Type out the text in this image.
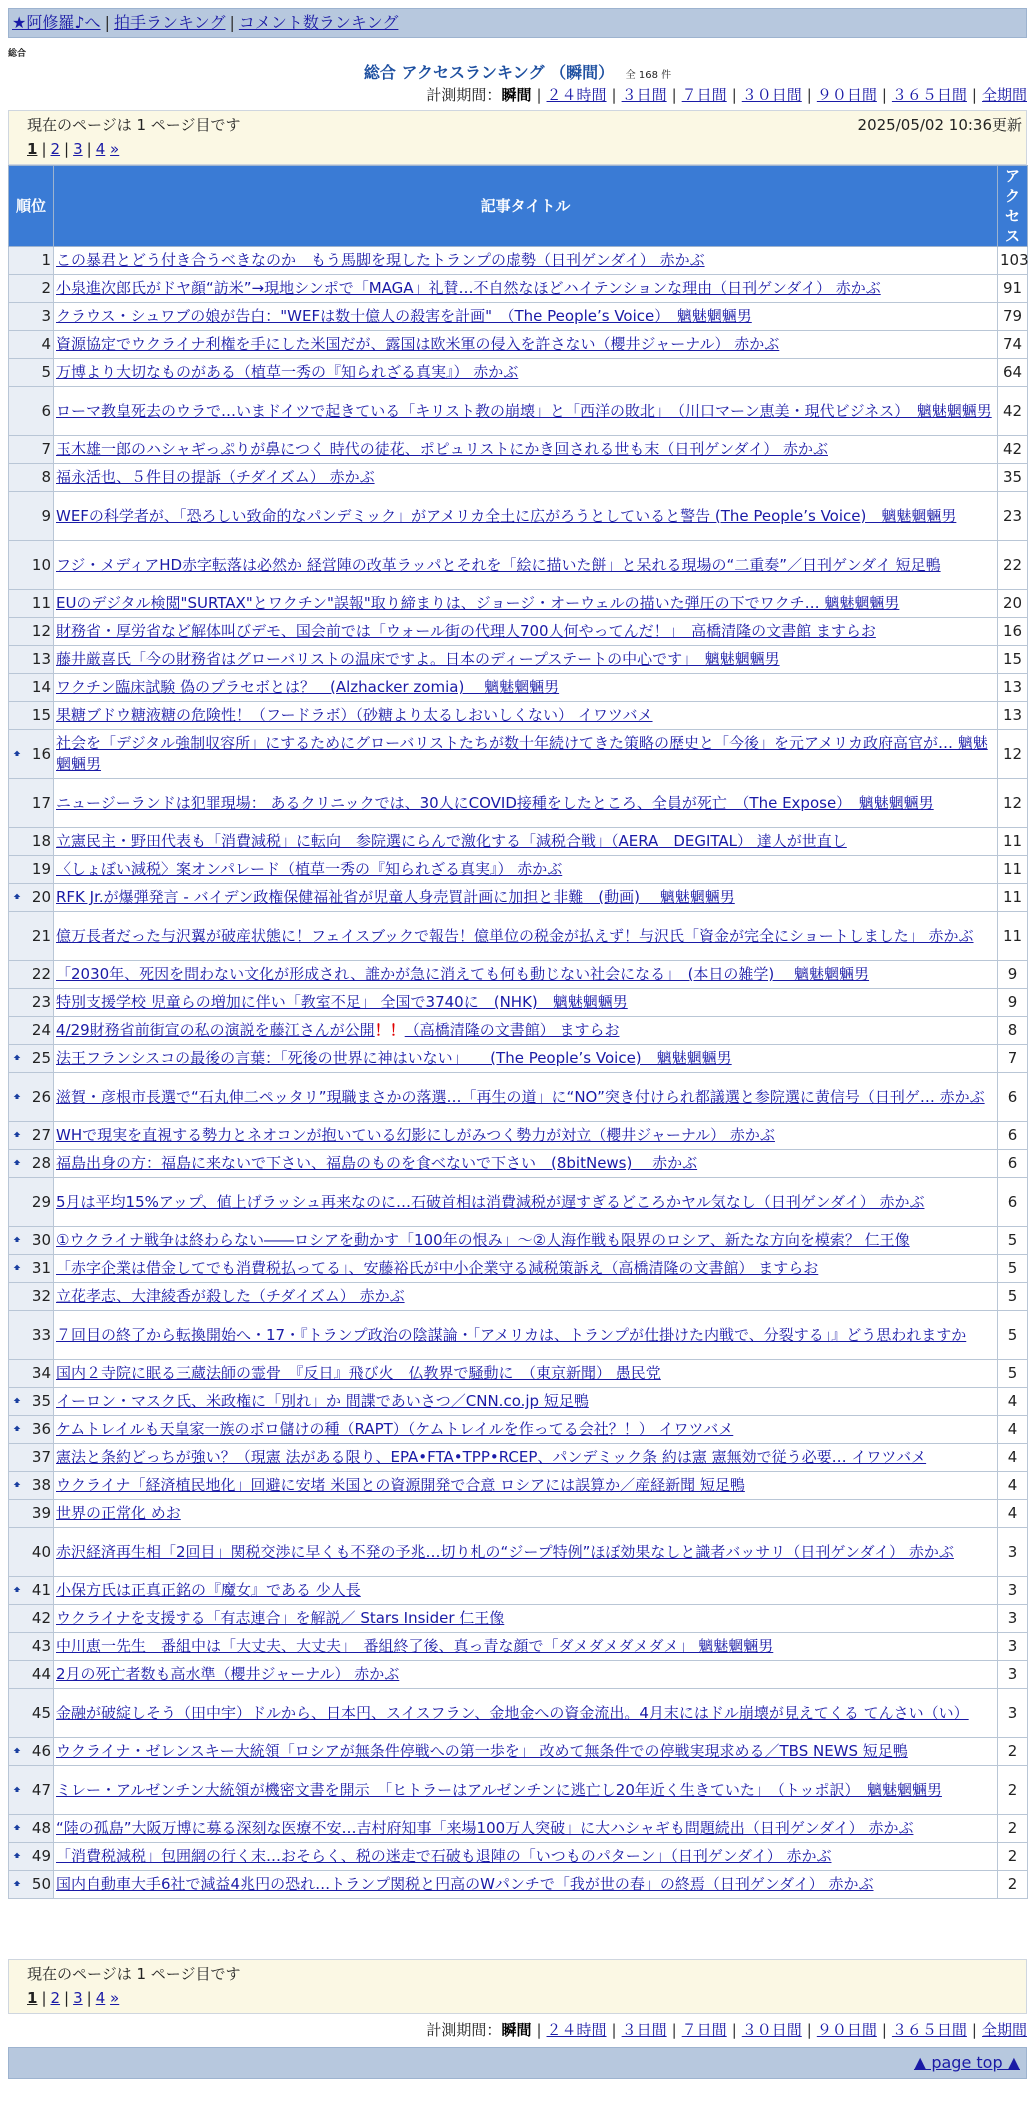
★阿修羅♪へ | 拍手ランキング | コメント数ランキング
総合
総合 アクセスランキング （瞬間） 全 168 件
計測期間：瞬間 | ２４時間 | ３日間 | ７日間 | ３０日間 | ９０日間 | ３６５日間 | 全期間
現在のページは 1 ページ目です	2025/05/02 10:36更新
1 | 2 | 3 | 4 »
順位	記事タイトル	アクセス
1	この暴君とどう付き合うべきなのか　もう馬脚を現したトランプの虚勢（日刊ゲンダイ） 赤かぶ	103
2	小泉進次郎氏がドヤ顔“訪米”→現地シンポで「MAGA」礼賛…不自然なほどハイテンションな理由（日刊ゲンダイ） 赤かぶ	91
3	クラウス・シュワブの娘が告白："WEFは数十億人の殺害を計画"　（The People’s Voice）　魑魅魍魎男	79
4	資源協定でウクライナ利権を手にした米国だが、露国は欧米軍の侵入を許さない（櫻井ジャーナル） 赤かぶ	74
5	万博より大切なものがある（植草一秀の『知られざる真実』） 赤かぶ	64
6	ローマ教皇死去のウラで…いまドイツで起きている「キリスト教の崩壊」と「西洋の敗北」　（川口マーン恵美・現代ビジネス）　魑魅魍魎男	42
7	玉木雄一郎のハシャギっぷりが鼻につく 時代の徒花、ポピュリストにかき回される世も末（日刊ゲンダイ） 赤かぶ	42
8	福永活也、５件目の提訴（チダイズム） 赤かぶ	35
9	WEFの科学者が、「恐ろしい致命的なパンデミック」がアメリカ全土に広がろうとしていると警告 (The People’s Voice)　魑魅魍魎男	23
10	フジ・メディアHD赤字転落は必然か 経営陣の改革ラッパとそれを「絵に描いた餅」と呆れる現場の“二重奏”／日刊ゲンダイ 短足鴨	22
11	EUのデジタル検閲"SURTAX"とワクチン"誤報"取り締まりは、ジョージ・オーウェルの描いた弾圧の下でワクチ… 魑魅魍魎男	20
12	財務省・厚労省など解体叫びデモ、国会前では「ウォール街の代理人700人何やってんだ！」　高橋清隆の文書館 ますらお	16
13	藤井厳喜氏「今の財務省はグローバリストの温床ですよ。日本のディープステートの中心です」　魑魅魍魎男	15
14	ワクチン臨床試験 偽のプラセボとは？　(Alzhacker zomia)　 魑魅魍魎男	13
15	果糖ブドウ糖液糖の危険性！（フードラボ）（砂糖より太るしおいしくない） イワツバメ	13

🠹 16	社会を「デジタル強制収容所」にするためにグローバリストたちが数十年続けてきた策略の歴史と「今後」を元アメリカ政府高官が… 魑魅魍魎男	12
17	ニュージーランドは犯罪現場： あるクリニックでは、30人にCOVID接種をしたところ、全員が死亡　（The Expose）　魑魅魍魎男	12
18	立憲民主・野田代表も「消費減税」に転向　参院選にらんで激化する「減税合戦」（AERA　DEGITAL） 達人が世直し	11
19	〈しょぼい減税〉案オンパレード（植草一秀の『知られざる真実』） 赤かぶ	11

🠹 20	RFK Jr.が爆弾発言 - バイデン政権保健福祉省が児童人身売買計画に加担と非難　(動画)　 魑魅魍魎男	11
21	億万長者だった与沢翼が破産状態に！フェイスブックで報告！億単位の税金が払えず！与沢氏「資金が完全にショートしました」 赤かぶ	11
22	「2030年、死因を問わない文化が形成され、誰かが急に消えても何も動じない社会になる」　(本日の雑学)　 魑魅魍魎男	9
23	特別支援学校 児童らの増加に伴い「教室不足」 全国で3740に　(NHK)　魑魅魍魎男	9
24	4/29財務省前街宣の私の演説を藤江さんが公開！！（高橋清隆の文書館） ますらお	8

🠹 25	法王フランシスコの最後の言葉：「死後の世界に神はいない」　　(The People’s Voice)　魑魅魍魎男	7

🠹 26	滋賀・彦根市長選で“石丸伸二ペッタリ”現職まさかの落選…「再生の道」に“NO”突き付けられ都議選と参院選に黄信号（日刊ゲ… 赤かぶ	6

🠹 27	WHで現実を直視する勢力とネオコンが抱いている幻影にしがみつく勢力が対立（櫻井ジャーナル） 赤かぶ	6

🠹 28	福島出身の方：福島に来ないで下さい、福島のものを食べないで下さい　(8bitNews)　 赤かぶ	6
29	5月は平均15%アップ、値上げラッシュ再来なのに…石破首相は消費減税が遅すぎるどころかヤル気なし（日刊ゲンダイ） 赤かぶ	6

🠹 30	①ウクライナ戦争は終わらない――ロシアを動かす「100年の恨み」～②人海作戦も限界のロシア、新たな方向を模索？ 仁王像	5

🠹 31	「赤字企業は借金してでも消費税払ってる」、安藤裕氏が中小企業守る減税策訴え（高橋清隆の文書館） ますらお	5
32	立花孝志、大津綾香が殺した（チダイズム） 赤かぶ	5
33	７回目の終了から転換開始へ・17・『トランプ政治の陰謀論・「アメリカは、トランプが仕掛けた内戦で、分裂する」』どう思われますか	5
34	国内２寺院に眠る三蔵法師の霊骨　『反日』飛び火　仏教界で騒動に　（東京新聞） 愚民党	5

🠹 35	イーロン・マスク氏、米政権に「別れ」か 間諜であいさつ／CNN.co.jp 短足鴨	4

🠹 36	ケムトレイルも天皇家一族のボロ儲けの種（RAPT）（ケムトレイルを作ってる会社？！） イワツバメ	4
37	憲法と条約どっちが強い？（現憲 法がある限り、EPA•FTA•TPP•RCEP、パンデミック条 約は憲 憲無効で従う必要… イワツバメ	4

🠹 38	ウクライナ「経済植民地化」回避に安堵 米国との資源開発で合意 ロシアには誤算か／産経新聞 短足鴨	4
39	世界の正常化 めお	4
40	赤沢経済再生相「2回目」関税交渉に早くも不発の予兆…切り札の“ジープ特例”ほぼ効果なしと識者バッサリ（日刊ゲンダイ） 赤かぶ	3

🠹 41	小保方氏は正真正銘の『魔女』である 少人長	3
42	ウクライナを支援する「有志連合」を解説／ Stars Insider 仁王像	3
43	中川恵一先生　番組中は「大丈夫、大丈夫」　番組終了後、真っ青な顔で「ダメダメダメダメ」 魑魅魍魎男	3
44	2月の死亡者数も高水準（櫻井ジャーナル） 赤かぶ	3
45	金融が破綻しそう（田中宇）ドルから、日本円、スイスフラン、金地金への資金流出。4月末にはドル崩壊が見えてくる てんさい（い）	3

🠹 46	ウクライナ・ゼレンスキー大統領「ロシアが無条件停戦への第一歩を」 改めて無条件での停戦実現求める／TBS NEWS 短足鴨	2

🠹 47	ミレー・アルゼンチン大統領が機密文書を開示　「ヒトラーはアルゼンチンに逃亡し20年近く生きていた」　（トッポ訳）　魑魅魍魎男	2

🠹 48	“陸の孤島”大阪万博に募る深刻な医療不安…吉村府知事「来場100万人突破」に大ハシャギも問題続出（日刊ゲンダイ） 赤かぶ	2

🠹 49	「消費税減税」包囲網の行く末…おそらく、税の迷走で石破も退陣の「いつものパターン」（日刊ゲンダイ） 赤かぶ	2

🠹 50	国内自動車大手6社で減益4兆円の恐れ…トランプ関税と円高のWパンチで「我が世の春」の終焉（日刊ゲンダイ） 赤かぶ	2
現在のページは 1 ページ目です
1 | 2 | 3 | 4 »
計測期間：瞬間 | ２４時間 | ３日間 | ７日間 | ３０日間 | ９０日間 | ３６５日間 | 全期間
▲ page top ▲
